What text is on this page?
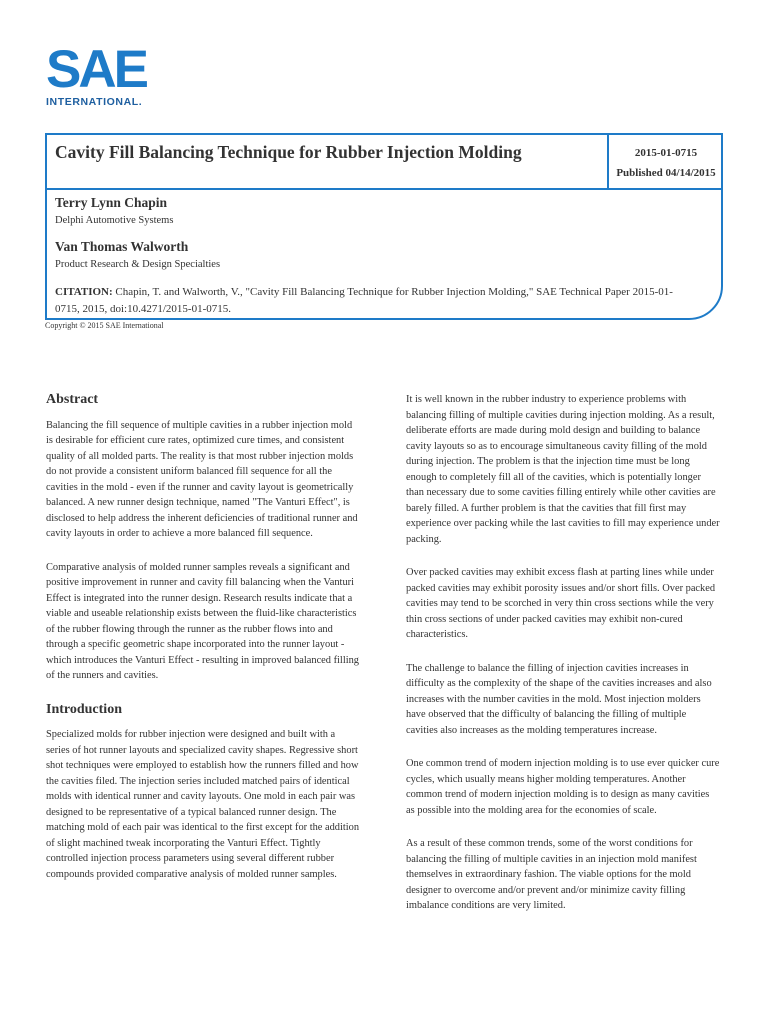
SAE
INTERNATIONAL.
Cavity Fill Balancing Technique for Rubber Injection Molding	2015-01-0715
Published 04/14/2015
Terry Lynn Chapin
Delphi Automotive Systems
Van Thomas Walworth
Product Research & Design Specialties
CITATION: Chapin, T. and Walworth, V., "Cavity Fill Balancing Technique for Rubber Injection Molding," SAE Technical Paper 2015-01-0715, 2015, doi:10.4271/2015-01-0715.
Copyright © 2015 SAE International
Abstract

Balancing the fill sequence of multiple cavities in a rubber injection mold is desirable for efficient cure rates, optimized cure times, and consistent quality of all molded parts. The reality is that most rubber injection molds do not provide a consistent uniform balanced fill sequence for all the cavities in the mold - even if the runner and cavity layout is geometrically balanced. A new runner design technique, named "The Vanturi Effect", is disclosed to help address the inherent deficiencies of traditional runner and cavity layouts in order to achieve a more balanced fill sequence.

Comparative analysis of molded runner samples reveals a significant and positive improvement in runner and cavity fill balancing when the Vanturi Effect is integrated into the runner design. Research results indicate that a viable and useable relationship exists between the fluid-like characteristics of the rubber flowing through the runner as the rubber flows into and through a specific geometric shape incorporated into the runner layout - which introduces the Vanturi Effect - resulting in improved balanced filling of the runners and cavities.

Introduction

Specialized molds for rubber injection were designed and built with a series of hot runner layouts and specialized cavity shapes. Regressive short shot techniques were employed to establish how the runners filled and how the cavities filed. The injection series included matched pairs of identical molds with identical runner and cavity layouts. One mold in each pair was designed to be representative of a typical balanced runner design. The matching mold of each pair was identical to the first except for the addition of slight machined tweak incorporating the Vanturi Effect. Tightly controlled injection process parameters using several different rubber compounds provided comparative analysis of molded runner samples.

It is well known in the rubber industry to experience problems with balancing filling of multiple cavities during injection molding. As a result, deliberate efforts are made during mold design and building to balance cavity layouts so as to encourage simultaneous cavity filling of the mold during injection. The problem is that the injection time must be long enough to completely fill all of the cavities, which is potentially longer than necessary due to some cavities filling entirely while other cavities are barely filled. A further problem is that the cavities that fill first may experience over packing while the last cavities to fill may experience under packing.

Over packed cavities may exhibit excess flash at parting lines while under packed cavities may exhibit porosity issues and/or short fills. Over packed cavities may tend to be scorched in very thin cross sections while the very thin cross sections of under packed cavities may exhibit non-cured characteristics.

The challenge to balance the filling of injection cavities increases in difficulty as the complexity of the shape of the cavities increases and also increases with the number cavities in the mold. Most injection molders have observed that the difficulty of balancing the filling of multiple cavities also increases as the molding temperatures increase.

One common trend of modern injection molding is to use ever quicker cure cycles, which usually means higher molding temperatures. Another common trend of modern injection molding is to design as many cavities as possible into the molding area for the economies of scale.

As a result of these common trends, some of the worst conditions for balancing the filling of multiple cavities in an injection mold manifest themselves in extraordinary fashion. The viable options for the mold designer to overcome and/or prevent and/or minimize cavity filling imbalance conditions are very limited.
